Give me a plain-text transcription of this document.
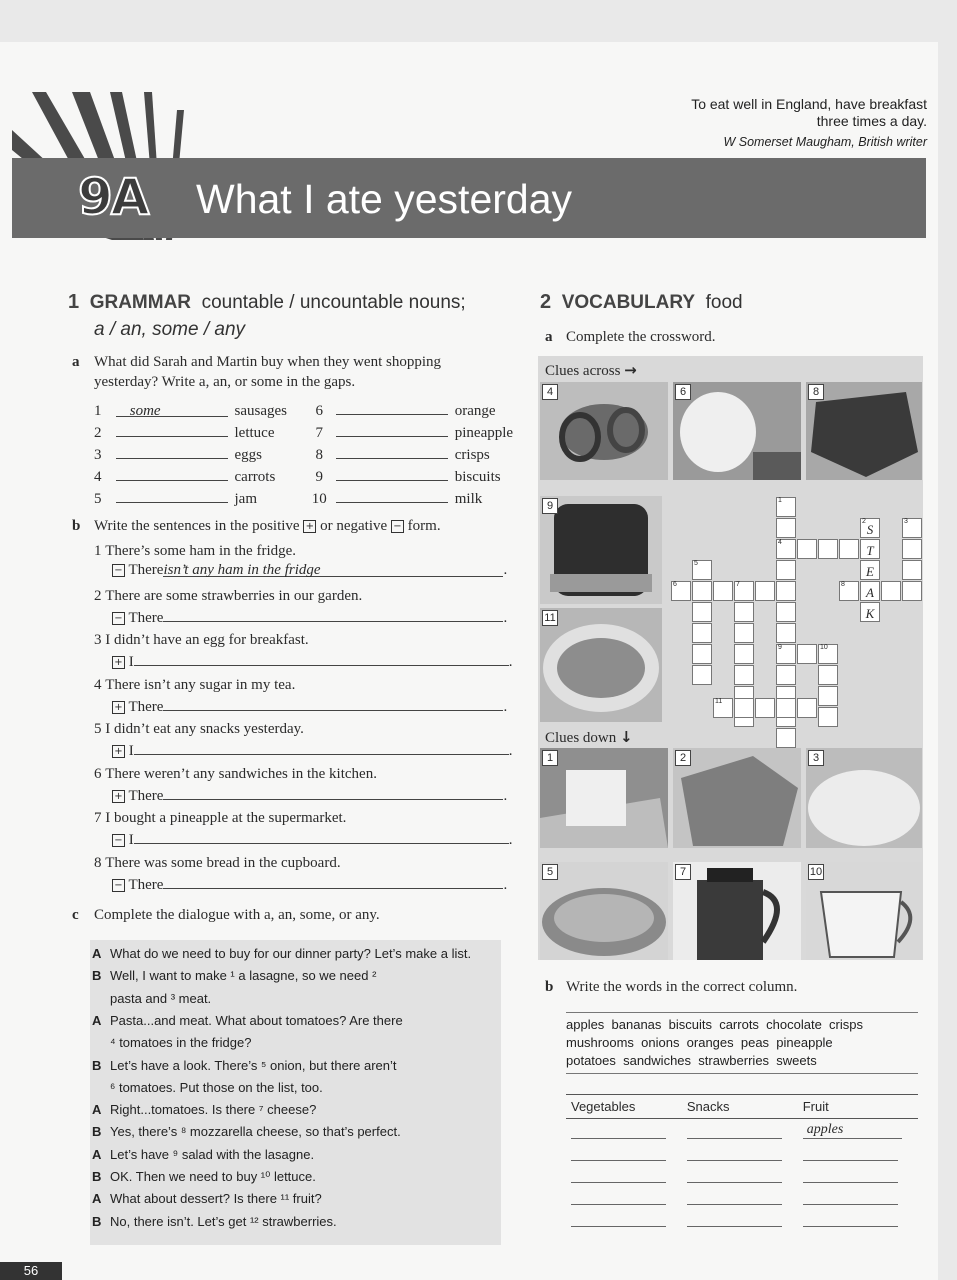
To eat well in England, have breakfast
three times a day.
W Somerset Maugham, British writer
9A What I ate yesterday
1 GRAMMAR countable / uncountable nouns;
a / an, some / any
a What did Sarah and Martin buy when they went shopping
yesterday? Write a, an, or some in the gaps.
1 some	sausages 6	orange
2	lettuce	7	pineapple
3	eggs	8	crisps
4	carrots	9	biscuits
5	jam	10	milk
b Write the sentences in the positive + or negative − form.
1 There’s some ham in the fridge.
− Thereisn’t any ham in the fridge
2 There are some strawberries in our garden.
− There
3 I didn’t have an egg for breakfast.
+ I
4 There isn’t any sugar in my tea.
+ There
5 I didn’t eat any snacks yesterday.
+ I
6 There weren’t any sandwiches in the kitchen.
+ There
7 I bought a pineapple at the supermarket.
− I
8 There was some bread in the cupboard.
− There
c Complete the dialogue with a, an, some, or any.
A What do we need to buy for our dinner party? Let’s make a list.
B Well, I want to make ¹ a lasagne, so we need ²
pasta and ³ meat.
A Pasta...and meat. What about tomatoes? Are there
⁴ tomatoes in the fridge?
B Let’s have a look. There’s ⁵ onion, but there aren’t
⁶ tomatoes. Put those on the list, too.
A Right...tomatoes. Is there ⁷ cheese?
B Yes, there’s ⁸ mozzarella cheese, so that’s perfect.
A Let’s have ⁹ salad with the lasagne.
B OK. Then we need to buy ¹⁰ lettuce.
A What about dessert? Is there ¹¹ fruit?
B No, there isn’t. Let’s get ¹² strawberries.
2 VOCABULARY food
a Complete the crossword.
Clues across →
Clues down ↓
4	6	8
9
11
1	2	3
5	7	10
1
4
9
2
S
T
E
A
K
3
5
6	7	8
10
11
b Write the words in the correct column.
apples  bananas  biscuits  carrots  chocolate  crisps
mushrooms  onions  oranges  peas  pineapple
potatoes  sandwiches  strawberries  sweets
Vegetables	Snacks	Fruit

		apples

56
